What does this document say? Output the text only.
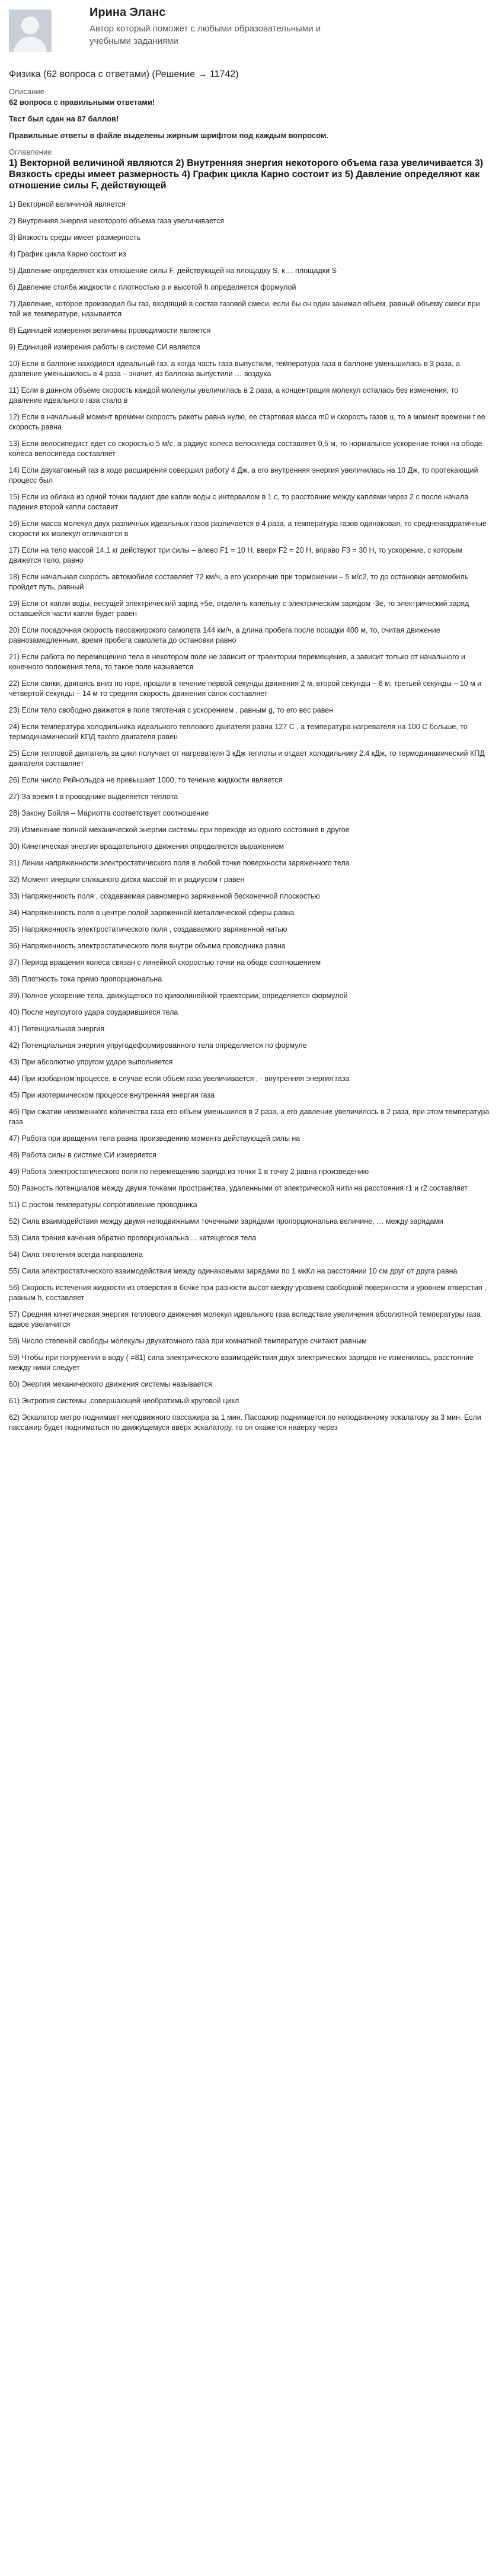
Ирина Эланс
Автор который поможет с любыми образовательными и учебными заданиями
Физика (62 вопроса с ответами) (Решение → 11742)
Описание

62 вопроса с правильными ответами!

Тест был сдан на 87 баллов!

Правильные ответы в файле выделены жирным шрифтом под каждым вопросом.

Оглавление

1) Векторной величиной являются 2) Внутренняя энергия некоторого объема газа увеличивается 3) Вязкость среды имеет размерность 4) График цикла Карно состоит из 5) Давление определяют как отношение силы F, действующей

1) Векторной величиной является
2) Внутренняя энергия некоторого объема газа увеличивается
3) Вязкость среды имеет размерность
4) График цикла Карно состоит из
5) Давление определяют как отношение силы F, действующей на площадку S, к ... площадки S
6) Давление столба жидкости с плотностью ρ и высотой h определяется формулой
7) Давление, которое производил бы газ, входящий в состав газовой смеси, если бы он один занимал объем, равный объему смеси при той же температуре, называется
8) Единицей измерения величины проводимости является
9) Единицей измерения работы в системе СИ является
10) Если в баллоне находился идеальный газ, а когда часть газа выпустили, температура газа в баллоне уменьшилась в 3 раза, а давление уменьшилось в 4 раза – значит, из баллона выпустили … воздуха
11) Если в данном объеме скорость каждой молекулы увеличилась в 2 раза, а концентрация молекул осталась без изменения, то давление идеального газа стало в
12) Если в начальный момент времени скорость ракеты равна нулю, ее стартовая масса m0 и скорость газов u, то в момент времени t ее скорость равна
13) Если велосипедист едет со скоростью 5 м/с, а радиус колеса велосипеда составляет 0,5 м, то нормальное ускорение точки на ободе колеса велосипеда составляет
14) Если двухатомный газ в ходе расширения совершил работу 4 Дж, а его внутренняя энергия увеличилась на 10 Дж, то протекающий процесс был
15) Если из облака из одной точки падают две капли воды с интервалом в 1 с, то расстояние между каплями через 2 с после начала падения второй капли составит
16) Если масса молекул двух различных идеальных газов различается в 4 раза, а температура газов одинаковая, то среднеквадратичные скорости их молекул отличаются в
17) Если на тело массой 14,1 кг действуют три силы – влево F1 = 10 Н, вверх F2 = 20 Н, вправо F3 = 30 Н, то ускорение, с которым движется тело, равно
18) Если начальная скорость автомобиля составляет 72 км/ч, а его ускорение при торможении – 5 м/с2, то до остановки автомобиль пройдет путь, равный
19) Если от капли воды, несущей электрический заряд +5е, отделить капельку с электрическим зарядом -3е, то электрический заряд оставшейся части капли будет равен
20) Если посадочная скорость пассажирского самолета 144 км/ч, а длина пробега после посадки 400 м, то, считая движение равнозамедленным, время пробега самолета до остановки равно
21) Если работа по перемещению тела в некотором поле не зависит от траектории перемещения, а зависит только от начального и конечного положения тела, то такое поле называется
22) Если санки, двигаясь вниз по горе, прошли в течение первой секунды движения 2 м, второй секунды – 6 м, третьей секунды – 10 м и четвертой секунды – 14 м то средняя скорость движения санок составляет
23) Если тело свободно движется в поле тяготения с ускорением , равным g, то его вес равен
24) Если температура холодильника идеального теплового двигателя равна 127 С , а температура нагревателя на 100 С больше, то термодинамический КПД такого двигателя равен
25) Если тепловой двигатель за цикл получает от нагревателя 3 кДж теплоты и отдает холодильнику 2,4 кДж, то термодинамический КПД двигателя составляет
26) Если число Рейнольдса не превышает 1000, то течение жидкости является
27) За время t в проводнике выделяется теплота
28) Закону Бойля – Мариотта соответствует соотношение
29) Изменение полной механической энергии системы при переходе из одного состояния в другое
30) Кинетическая энергия вращательного движения определяется выражением
31) Линии напряженности электростатического поля в любой точке поверхности заряженного тела
32) Момент инерции сплошного диска массой m и радиусом r равен
33) Напряженность поля , создаваемая равномерно заряженной бесконечной плоскостью
34) Напряженность поля в центре полой заряженной металлической сферы равна
35) Напряженность электростатического поля , создаваемого заряженной нитью
36) Напряженность электростатического поля внутри объема проводника равна
37) Период вращения колеса связан с линейной скоростью точки на ободе соотношением
38) Плотность тока прямо пропорциональна
39) Полное ускорение тела, движущегося по криволинейной траектории, определяется формулой
40) После неупругого удара соударившиеся тела
41) Потенциальная энергия
42) Потенциальная энергия упругодеформированного тела определяется по формуле
43) При абсолютно упругом ударе выполняется
44) При изобарном процессе, в случае если объем газа увеличивается , - внутренняя энергия газа
45) При изотермическом процессе внутренняя энергия газа
46) При сжатии неизменного количества газа его объем уменьшился в 2 раза, а его давление увеличилось в 2 раза, при этом температура газа
47) Работа при вращении тела равна произведению момента действующей силы на
48) Работа силы в системе СИ измеряется
49) Работа электростатического поля по перемещению заряда из точки 1 в точку 2 равна произведению
50) Разность потенциалов между двумя точками пространства, удаленными от электрической нити на расстояния r1 и r2 составляет
51) С ростом температуры сопротивление проводника
52) Сила взаимодействия между двумя неподвижными точечными зарядами пропорциональна величине, … между зарядами
53) Сила трения качения обратно пропорциональна ... катящегося тела
54) Сила тяготения всегда направлена
55) Сила электростатического взаимодействия между одинаковыми зарядами по 1 мкКл на расстоянии 10 см друг от друга равна
56) Скорость истечения жидкости из отверстия в бочке при разности высот между уровнем свободной поверхности и уровнем отверстия , равным h, составляет
57) Средняя кинетическая энергия теплового движения молекул идеального газа вследствие увеличения абсолютной температуры газа вдвое увеличится
58) Число степеней свободы молекулы двухатомного газа при комнатной температуре считают равным
59) Чтобы при погружении в воду ( =81) сила электрического взаимодействия двух электрических зарядов не изменилась, расстояние между ними следует
60) Энергия механического движения системы называется
61) Энтропия системы ,совершающей необратимый круговой цикл
62) Эскалатор метро поднимает неподвижного пассажира за 1 мин. Пассажир поднимается по неподвижному эскалатору за 3 мин. Если пассажир будет подниматься по движущемуся вверх эскалатору, то он окажется наверху через
